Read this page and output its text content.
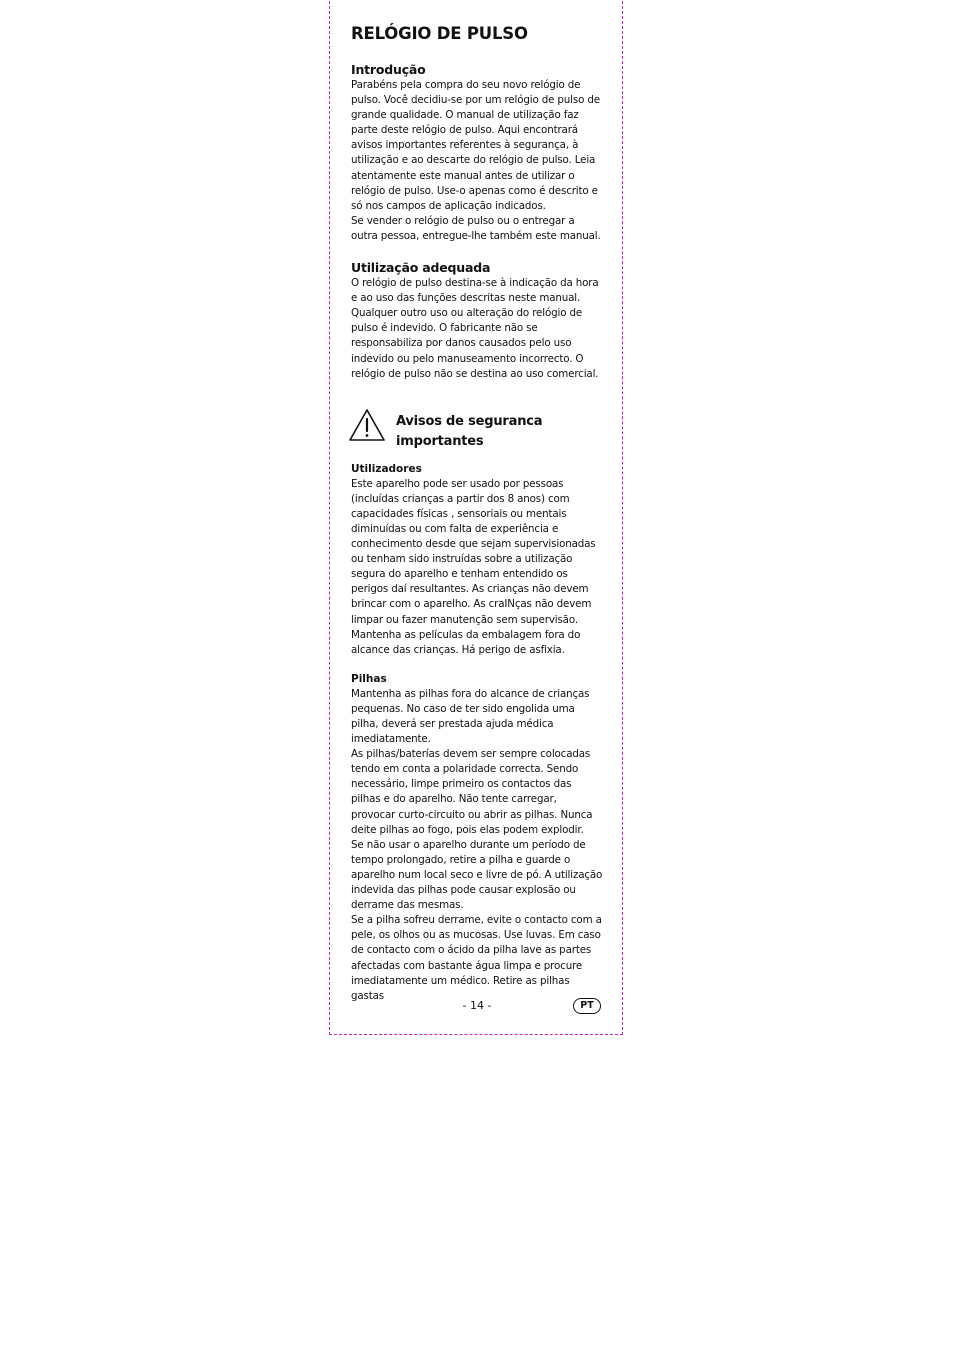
RELÓGIO DE PULSO
Introdução

Parabéns pela compra do seu novo relógio de pulso. Você decidiu-se por um relógio de pulso de grande qualidade. O manual de utilização faz parte deste relógio de pulso. Aqui encontrará avisos importantes referentes à segurança, à utilização e ao descarte do relógio de pulso. Leia atentamente este manual antes de utilizar o relógio de pulso. Use-o apenas como é descrito e só nos campos de aplicação indicados.
Se vender o relógio de pulso ou o entregar a outra pessoa, entregue-lhe também este manual.

Utilização adequada

O relógio de pulso destina-se à indicação da hora e ao uso das funções descritas neste manual. Qualquer outro uso ou alteração do relógio de pulso é indevido. O fabricante não se responsabiliza por danos causados pelo uso indevido ou pelo manuseamento incorrecto. O relógio de pulso não se destina ao uso comercial.

Avisos de seguranca
importantes
Utilizadores

Este aparelho pode ser usado por pessoas (incluídas crianças a partir dos 8 anos) com capacidades físicas , sensoriais ou mentais diminuídas ou com falta de experiência e conhecimento desde que sejam supervisionadas ou tenham sido instruídas sobre a utilização segura do aparelho e tenham entendido os perigos daí resultantes. As crianças não devem brincar com o aparelho. As craINças não devem limpar ou fazer manutenção sem supervisão.
Mantenha as películas da embalagem fora do alcance das crianças. Há perigo de asfixia.

Pilhas

Mantenha as pilhas fora do alcance de crianças pequenas. No caso de ter sido engolida uma pilha, deverá ser prestada ajuda médica imediatamente.
As pilhas/baterías devem ser sempre colocadas tendo em conta a polaridade correcta. Sendo necessário, limpe primeiro os contactos das pilhas e do aparelho. Não tente carregar, provocar curto-circuito ou abrir as pilhas. Nunca deite pilhas ao fogo, pois elas podem explodir.
Se não usar o aparelho durante um período de tempo prolongado, retire a pilha e guarde o aparelho num local seco e livre de pó. A utilização indevida das pilhas pode causar explosão ou derrame das mesmas.
Se a pilha sofreu derrame, evite o contacto com a pele, os olhos ou as mucosas. Use luvas. Em caso de contacto com o ácido da pilha lave as partes afectadas com bastante água limpa e procure imediatamente um médico. Retire as pilhas gastas

- 14 -	PT
